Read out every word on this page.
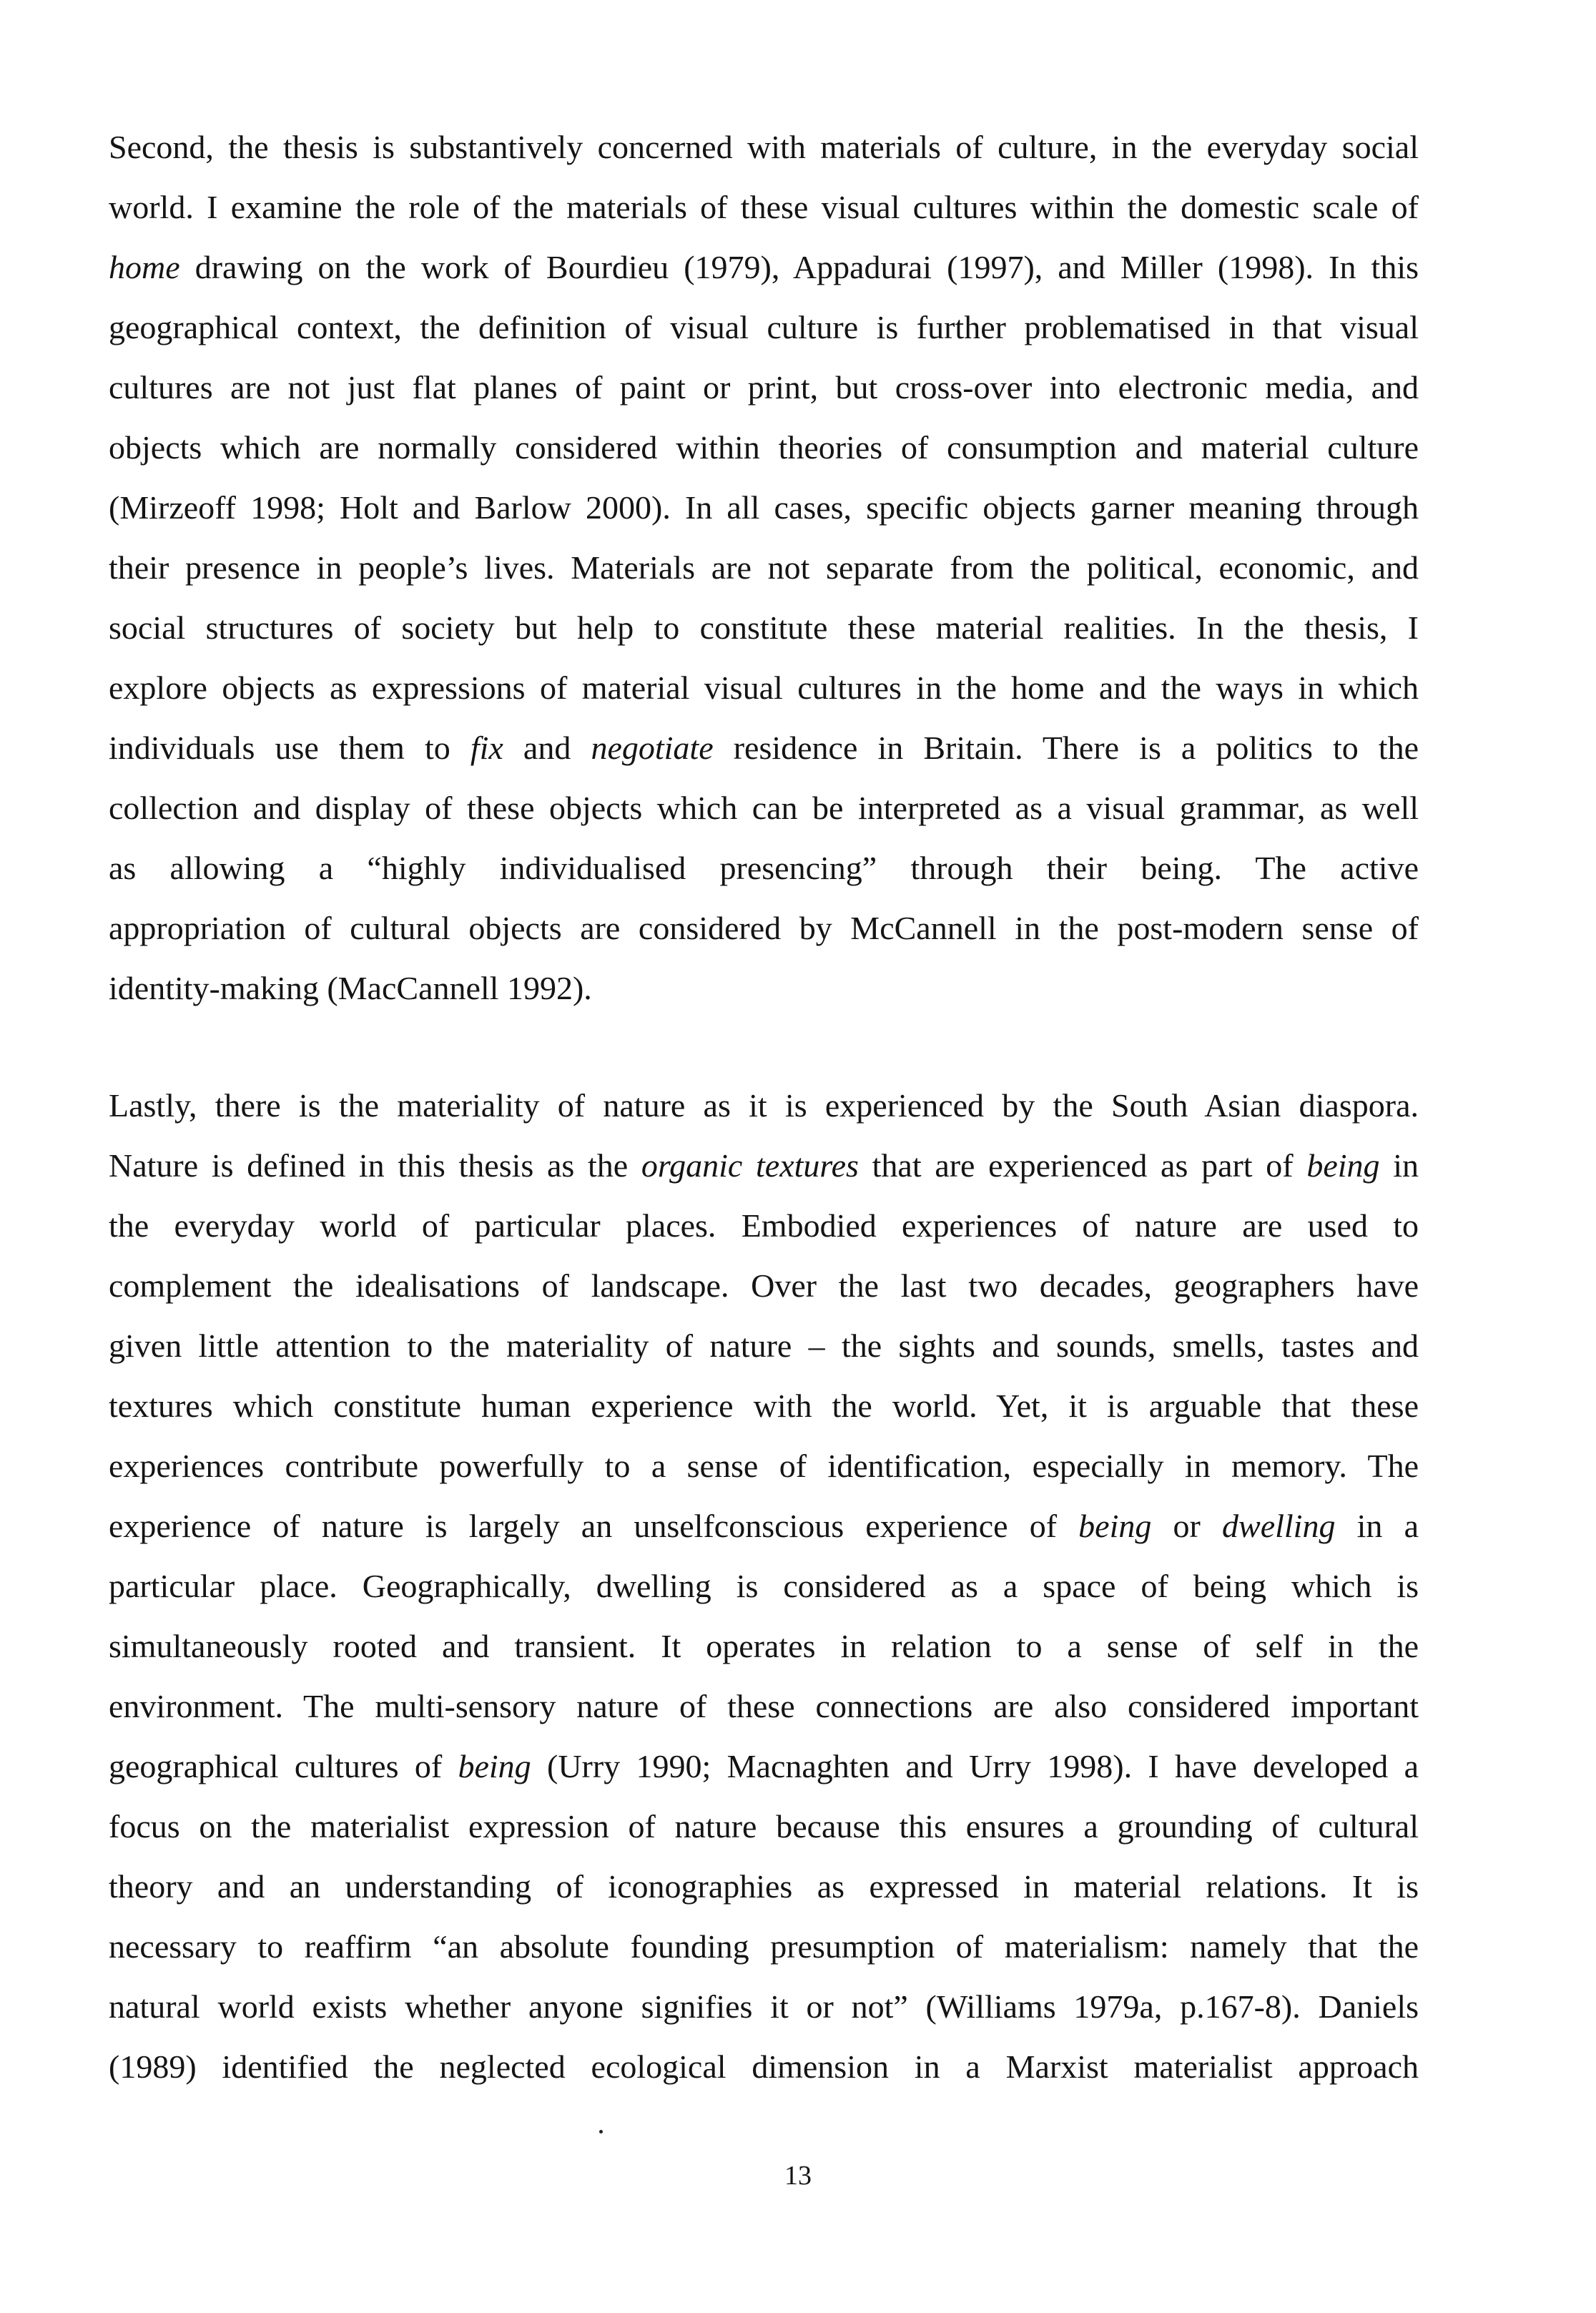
Second, the thesis is substantively concerned with materials of culture, in the everyday social
world. I examine the role of the materials of these visual cultures within the domestic scale of
home drawing on the work of Bourdieu (1979), Appadurai (1997), and Miller (1998). In this
geographical context, the definition of visual culture is further problematised in that visual
cultures are not just flat planes of paint or print, but cross-over into electronic media, and
objects which are normally considered within theories of consumption and material culture
(Mirzeoff 1998; Holt and Barlow 2000). In all cases, specific objects garner meaning through
their presence in people’s lives. Materials are not separate from the political, economic, and
social structures of society but help to constitute these material realities. In the thesis, I
explore objects as expressions of material visual cultures in the home and the ways in which
individuals use them to fix and negotiate residence in Britain. There is a politics to the
collection and display of these objects which can be interpreted as a visual grammar, as well
as allowing a “highly individualised presencing” through their being. The active
appropriation of cultural objects are considered by McCannell in the post-modern sense of
identity-making (MacCannell 1992).
Lastly, there is the materiality of nature as it is experienced by the South Asian diaspora.
Nature is defined in this thesis as the organic textures that are experienced as part of being in
the everyday world of particular places. Embodied experiences of nature are used to
complement the idealisations of landscape. Over the last two decades, geographers have
given little attention to the materiality of nature – the sights and sounds, smells, tastes and
textures which constitute human experience with the world. Yet, it is arguable that these
experiences contribute powerfully to a sense of identification, especially in memory. The
experience of nature is largely an unselfconscious experience of being or dwelling in a
particular place. Geographically, dwelling is considered as a space of being which is
simultaneously rooted and transient. It operates in relation to a sense of self in the
environment. The multi-sensory nature of these connections are also considered important
geographical cultures of being (Urry 1990; Macnaghten and Urry 1998). I have developed a
focus on the materialist expression of nature because this ensures a grounding of cultural
theory and an understanding of iconographies as expressed in material relations. It is
necessary to reaffirm “an absolute founding presumption of materialism: namely that the
natural world exists whether anyone signifies it or not” (Williams 1979a, p.167-8). Daniels
(1989) identified the neglected ecological dimension in a Marxist materialist approach
13
